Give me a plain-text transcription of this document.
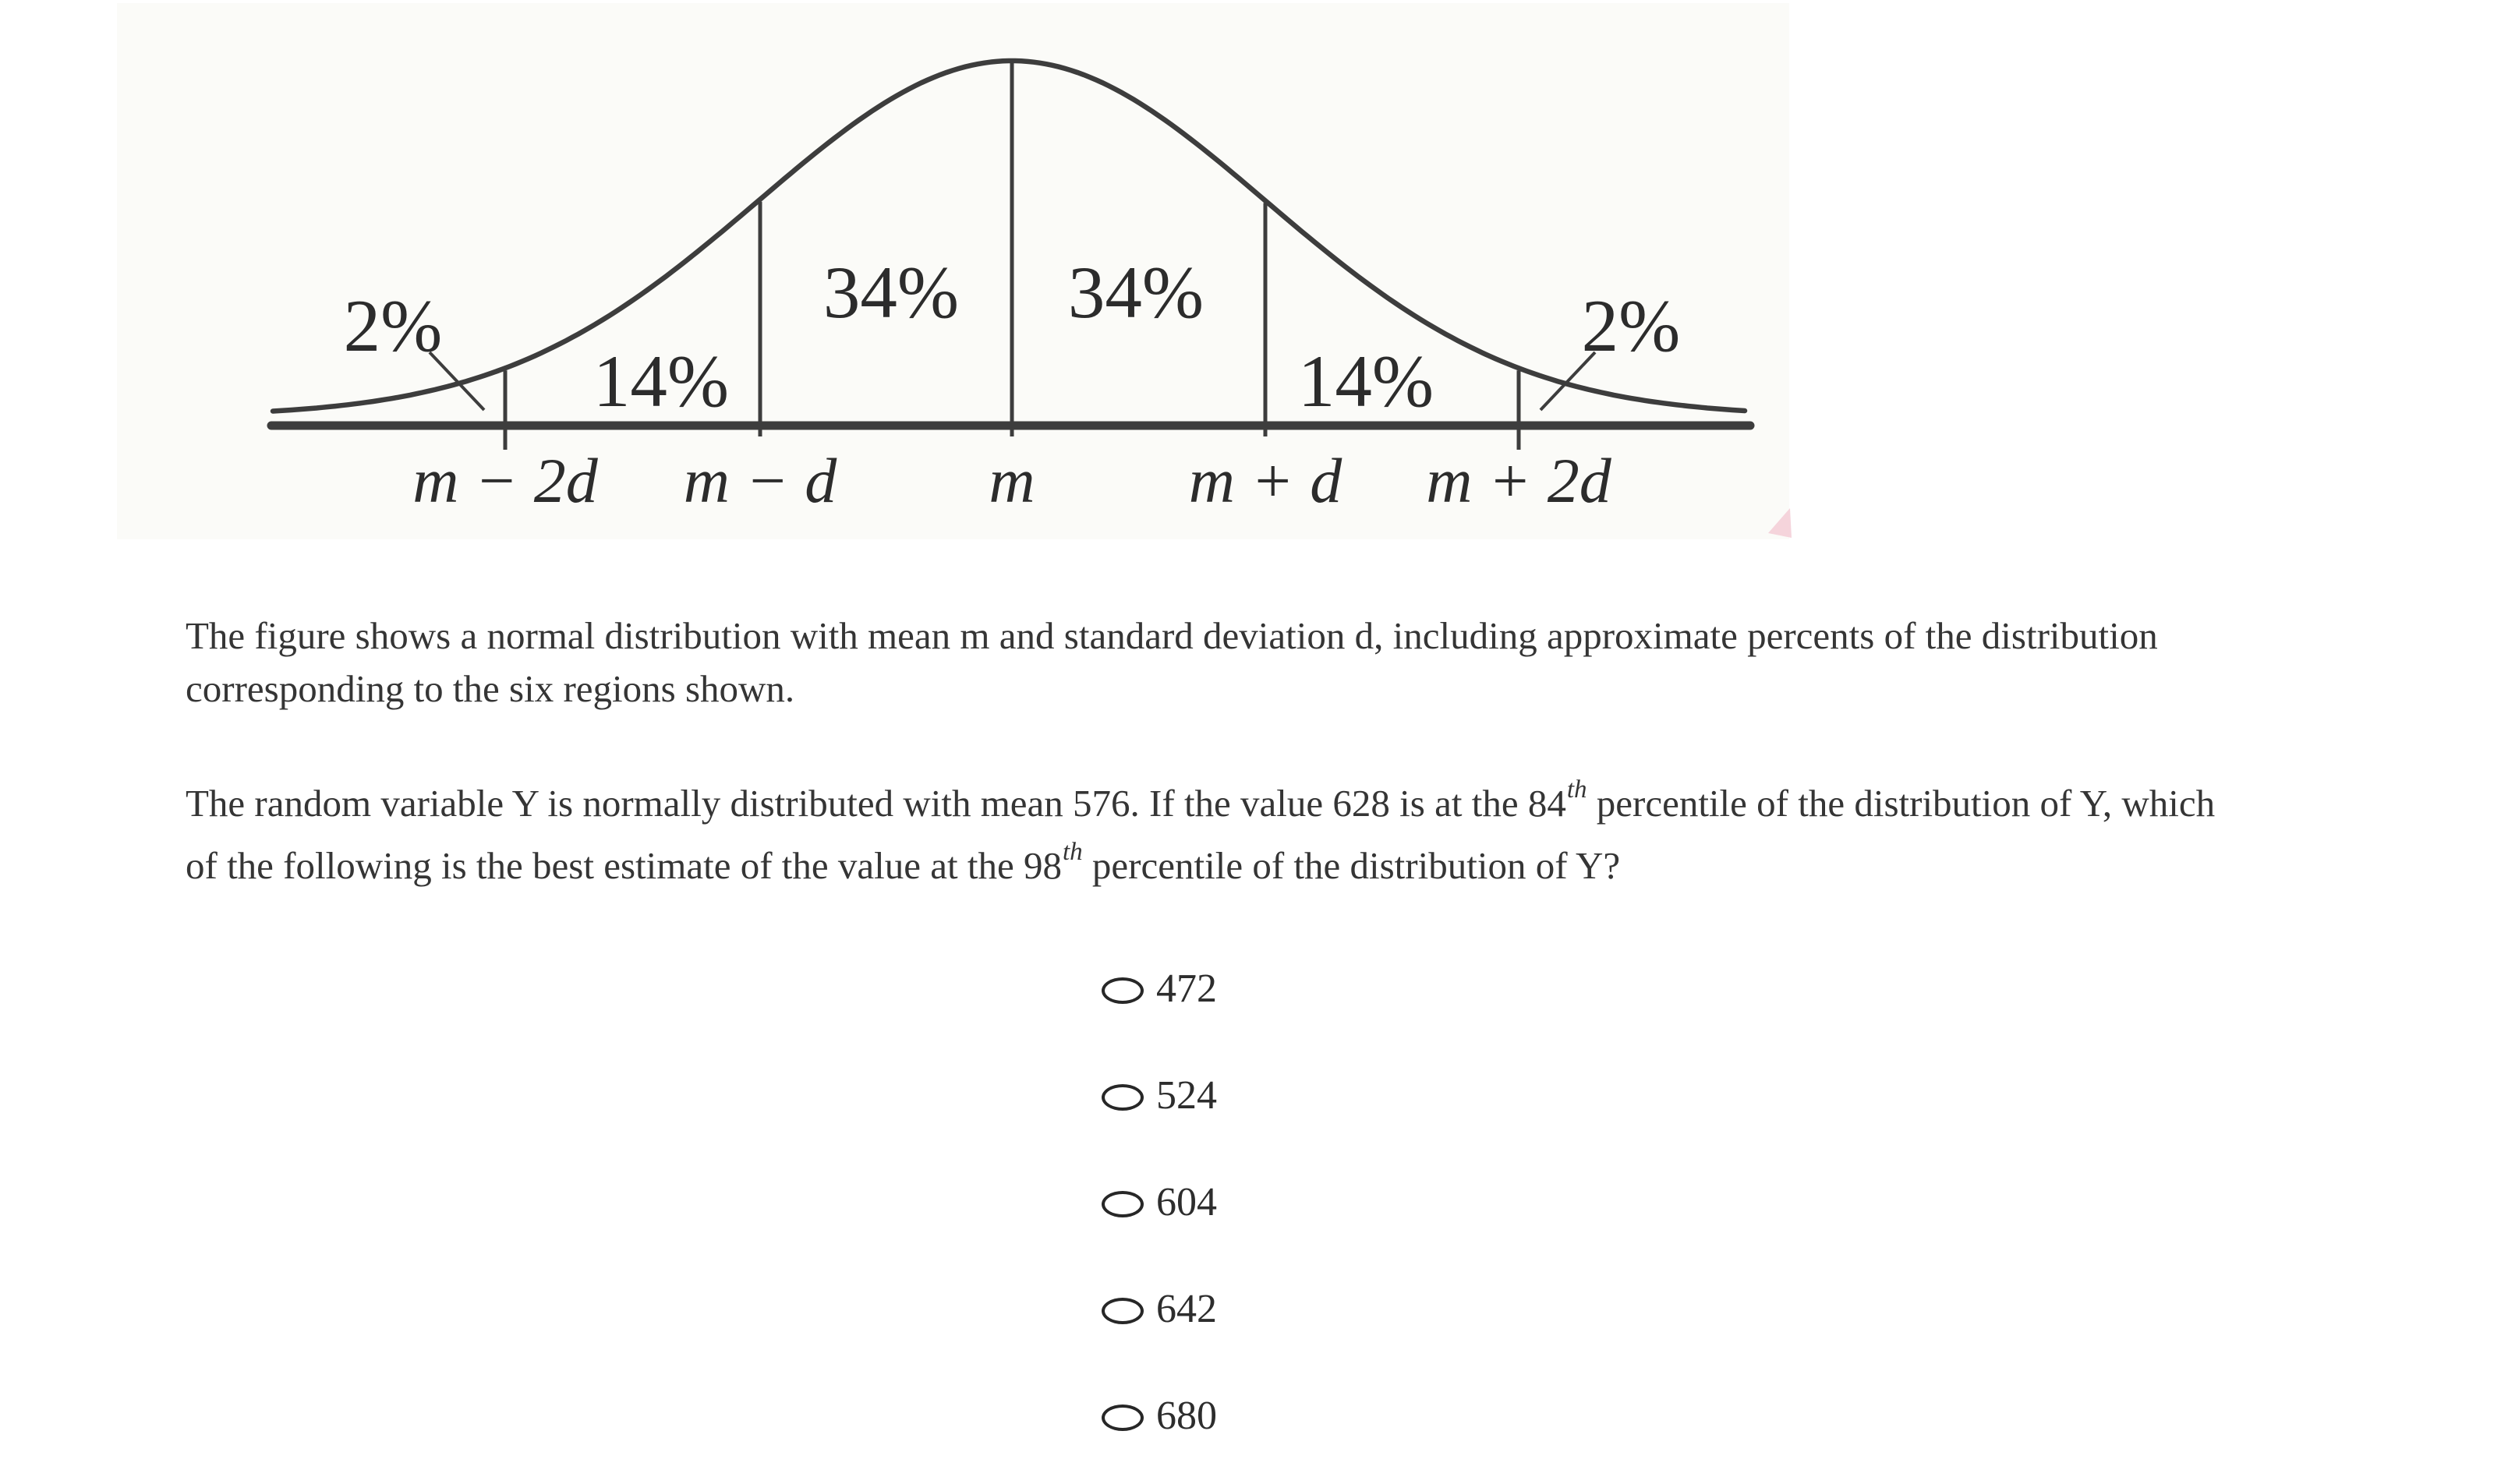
2%
14%
34% 34%
14%
2%
m − 2d m − d m m + d m + 2d
The figure shows a normal distribution with mean m and standard deviation d, including approximate percents of the distribution
corresponding to the six regions shown.
The random variable Y is normally distributed with mean 576. If the value 628 is at the 84th percentile of the distribution of Y, which
of the following is the best estimate of the value at the 98th percentile of the distribution of Y?
472
524
604
642
680
